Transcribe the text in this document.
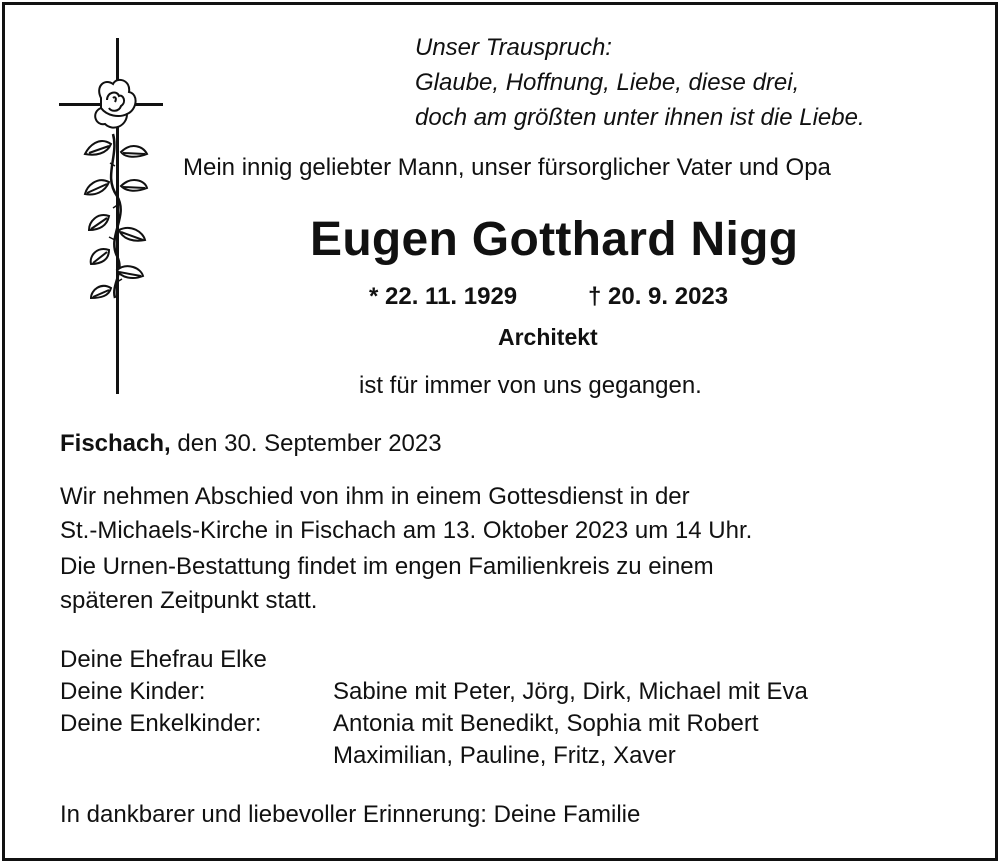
Unser Trauspruch:
Glaube, Hoffnung, Liebe, diese drei,
doch am größten unter ihnen ist die Liebe.
Mein innig geliebter Mann, unser fürsorglicher Vater und Opa
Eugen Gotthard Nigg
* 22. 11. 1929	† 20. 9. 2023
Architekt
ist für immer von uns gegangen.
Fischach, den 30. September 2023
Wir nehmen Abschied von ihm in einem Gottesdienst in der
St.-Michaels-Kirche in Fischach am 13. Oktober 2023 um 14 Uhr.
Die Urnen-Bestattung findet im engen Familienkreis zu einem
späteren Zeitpunkt statt.
Deine Ehefrau Elke
Deine Kinder:	Sabine mit Peter, Jörg, Dirk, Michael mit Eva
Deine Enkelkinder:	Antonia mit Benedikt, Sophia mit Robert
Maximilian, Pauline, Fritz, Xaver
In dankbarer und liebevoller Erinnerung: Deine Familie
